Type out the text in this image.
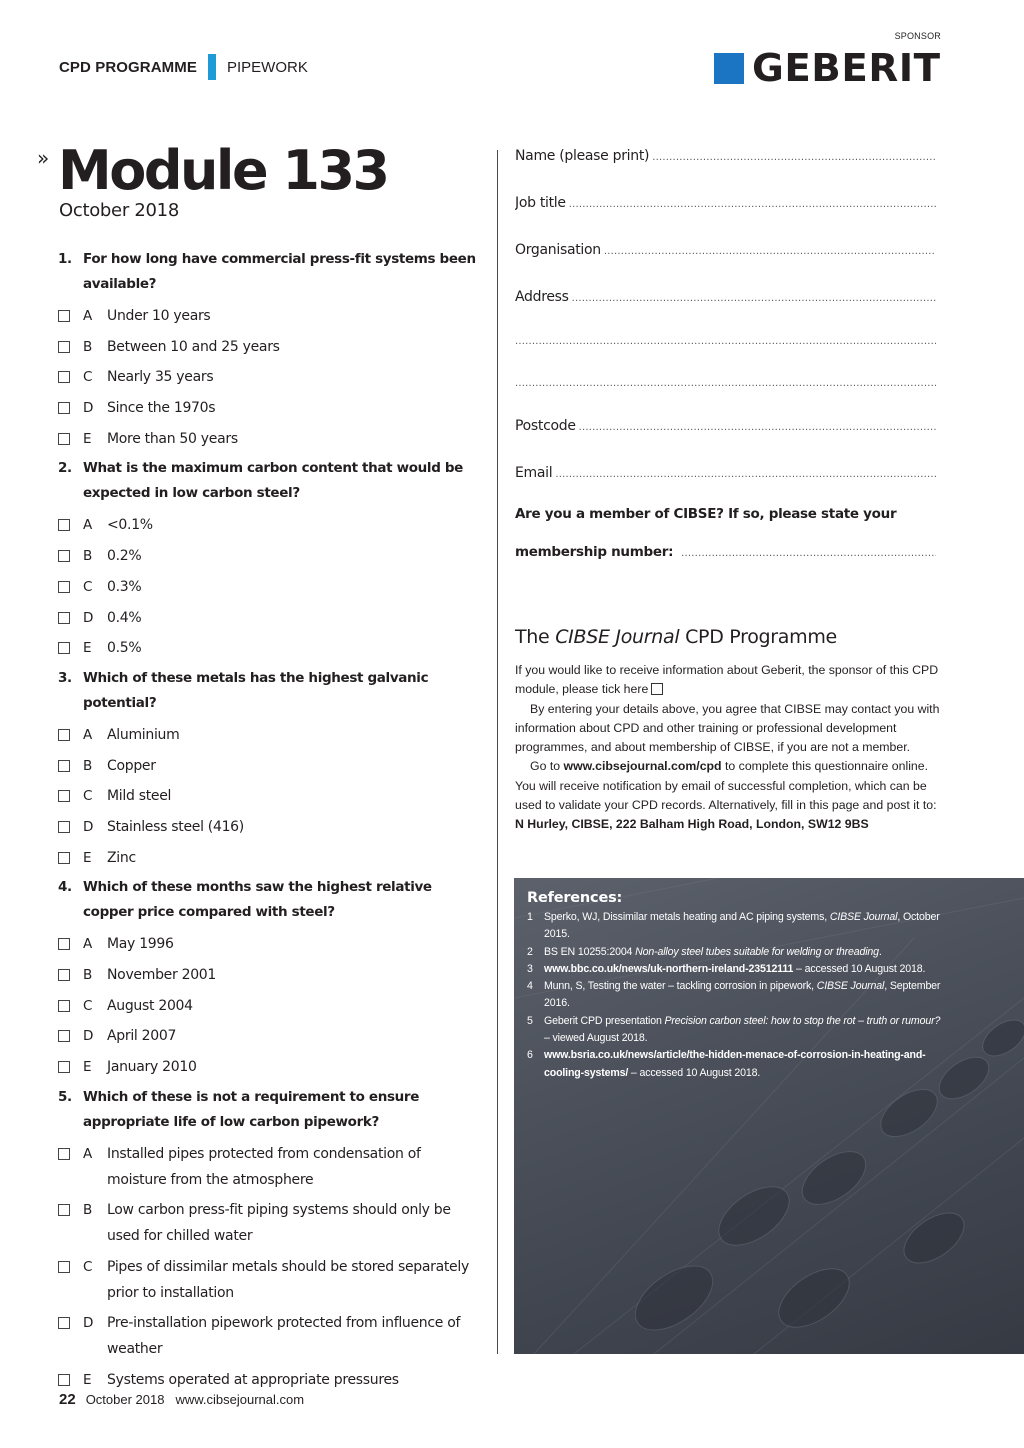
CPD PROGRAMME PIPEWORK
SPONSOR
GEBERIT
» Module 133
October 2018
1. For how long have commercial press-fit systems been available?
A	Under 10 years
B	Between 10 and 25 years
C	Nearly 35 years
D Since the 1970s
E	More than 50 years
2. What is the maximum carbon content that would be expected in low carbon steel?
A	<0.1%
B	0.2%
C	0.3%
D 0.4%
E	0.5%
3. Which of these metals has the highest galvanic potential?
A	Aluminium
B	Copper
C	Mild steel
D Stainless steel (416)
E	Zinc
4. Which of these months saw the highest relative copper price compared with steel?
A	May 1996
B	November 2001
C	August 2004
D April 2007
E	January 2010
5. Which of these is not a requirement to ensure appropriate life of low carbon pipework?
A	Installed pipes protected from condensation of moisture from the atmosphere
B	Low carbon press-fit piping systems should only be used for chilled water
C	Pipes of dissimilar metals should be stored separately prior to installation
D Pre-installation pipework protected from influence of weather
E	Systems operated at appropriate pressures
Name (please print)
.....
Job title
.....
Organisation
.....
Address
.....
.....
.....
Postcode
.....
Email
.....
Are you a member of CIBSE? If so, please state your
membership number:
.....
The CIBSE Journal CPD Programme

If you would like to receive information about Geberit, the sponsor of this CPD module, please tick here

By entering your details above, you agree that CIBSE may contact you with information about CPD and other training or professional development programmes, and about membership of CIBSE, if you are not a member.

Go to www.cibsejournal.com/cpd to complete this questionnaire online. You will receive notification by email of successful completion, which can be used to validate your CPD records. Alternatively, fill in this page and post it to: N Hurley, CIBSE, 222 Balham High Road, London, SW12 9BS

References:
1	Sperko, WJ, Dissimilar metals heating and AC piping systems, CIBSE Journal, October 2015.
2	BS EN 10255:2004 Non-alloy steel tubes suitable for welding or threading.
3	www.bbc.co.uk/news/uk-northern-ireland-23512111 – accessed 10 August 2018.
4	Munn, S, Testing the water – tackling corrosion in pipework, CIBSE Journal, September 2016.
5	Geberit CPD presentation Precision carbon steel: how to stop the rot – truth or rumour? – viewed August 2018.
6	www.bsria.co.uk/news/article/the-hidden-menace-of-corrosion-in-heating-and-cooling-systems/ – accessed 10 August 2018.
22 October 2018 www.cibsejournal.com
